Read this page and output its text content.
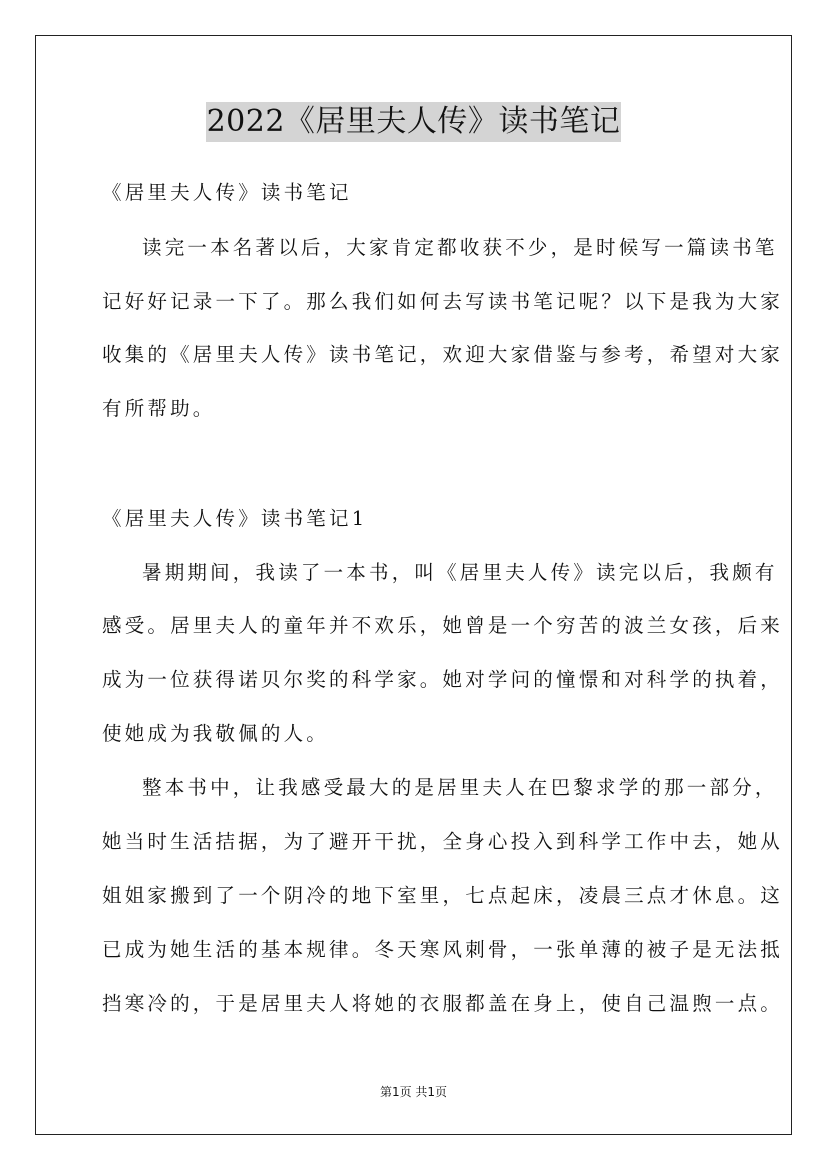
2022《居里夫人传》读书笔记
《居里夫人传》读书笔记
读完一本名著以后，大家肯定都收获不少，是时候写一篇读书笔
记好好记录一下了。那么我们如何去写读书笔记呢？以下是我为大家
收集的《居里夫人传》读书笔记，欢迎大家借鉴与参考，希望对大家
有所帮助。
《居里夫人传》读书笔记1
暑期期间，我读了一本书，叫《居里夫人传》读完以后，我颇有
感受。居里夫人的童年并不欢乐，她曾是一个穷苦的波兰女孩，后来
成为一位获得诺贝尔奖的科学家。她对学问的憧憬和对科学的执着，
使她成为我敬佩的人。
整本书中，让我感受最大的是居里夫人在巴黎求学的那一部分，
她当时生活拮据，为了避开干扰，全身心投入到科学工作中去，她从
姐姐家搬到了一个阴冷的地下室里，七点起床，凌晨三点才休息。这
已成为她生活的基本规律。冬天寒风刺骨，一张单薄的被子是无法抵
挡寒冷的，于是居里夫人将她的衣服都盖在身上，使自己温煦一点。
第1页 共1页
